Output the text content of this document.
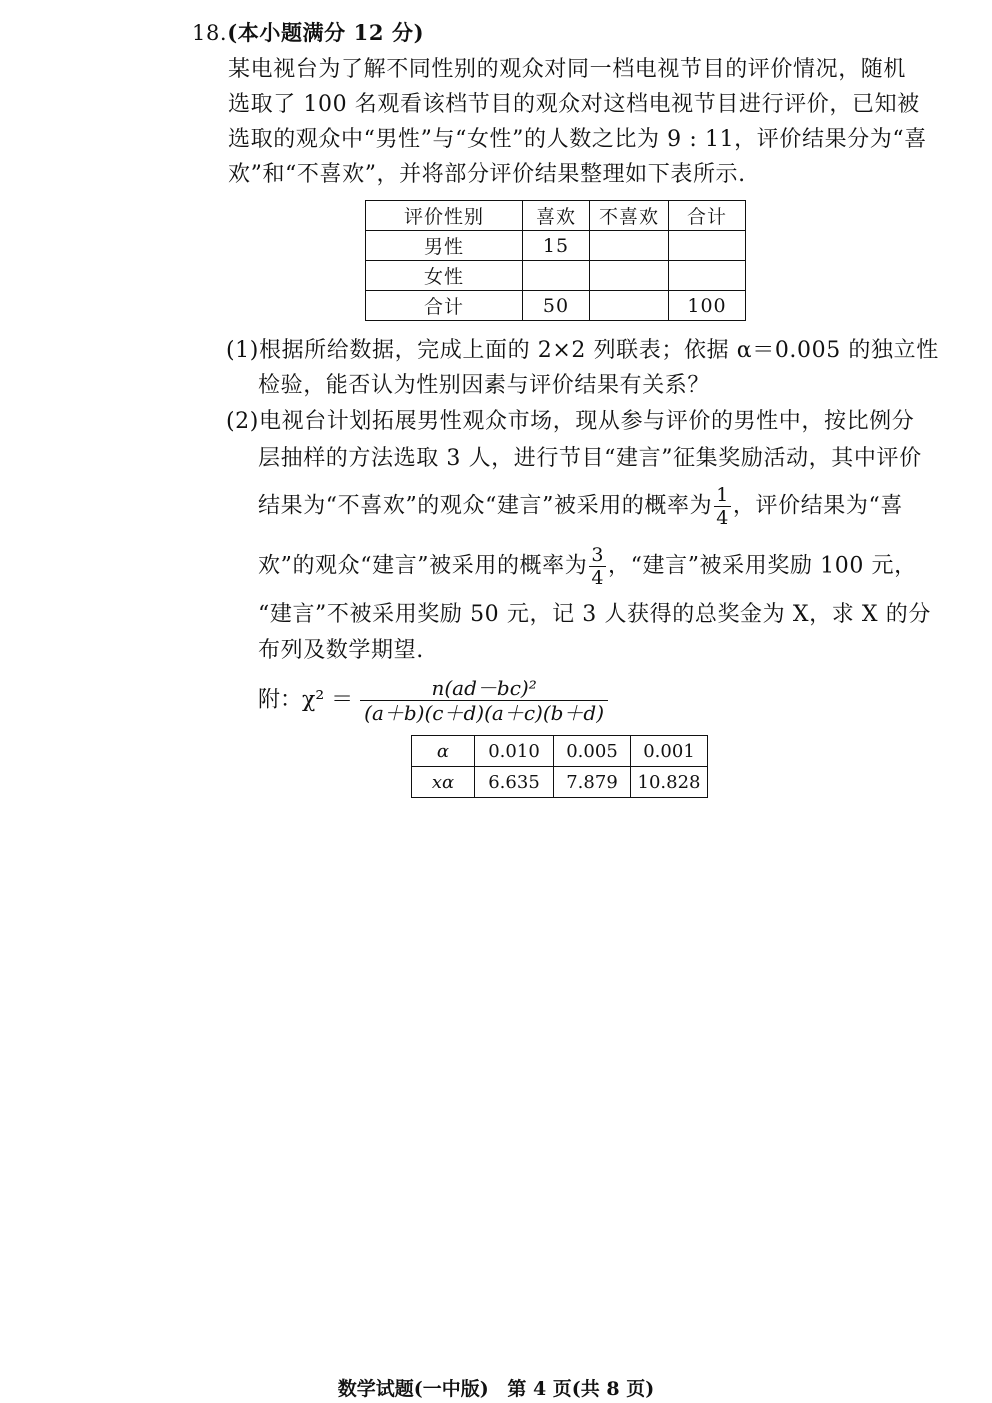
18.(本小题满分 12 分)
某电视台为了解不同性别的观众对同一档电视节目的评价情况，随机
选取了 100 名观看该档节目的观众对这档电视节目进行评价，已知被
选取的观众中“男性”与“女性”的人数之比为 9 : 11，评价结果分为“喜
欢”和“不喜欢”，并将部分评价结果整理如下表所示.
评价性别	喜欢	不喜欢	合计
男性	15		
女性			
合计	50		100
(1)根据所给数据，完成上面的 2×2 列联表；依据 α＝0.005 的独立性
检验，能否认为性别因素与评价结果有关系？
(2)电视台计划拓展男性观众市场，现从参与评价的男性中，按比例分
层抽样的方法选取 3 人，进行节目“建言”征集奖励活动，其中评价
结果为“不喜欢”的观众“建言”被采用的概率为 $\frac{1}{4}$ ，评价结果为“喜
欢”的观众“建言”被采用的概率为 $\frac{3}{4}$ ，“建言”被采用奖励 100 元，
“建言”不被采用奖励 50 元，记 3 人获得的总奖金为 X，求 X 的分
布列及数学期望.
附：$\chi^2 = \frac{\text{n(ad－bc)²}}{(a+b)(c+d)(a+c)(b+d)}$
α	0.010	0.005	0.001
xα	6.635	7.879	10.828
数学试题(一中版) 第 4 页(共 8 页)
